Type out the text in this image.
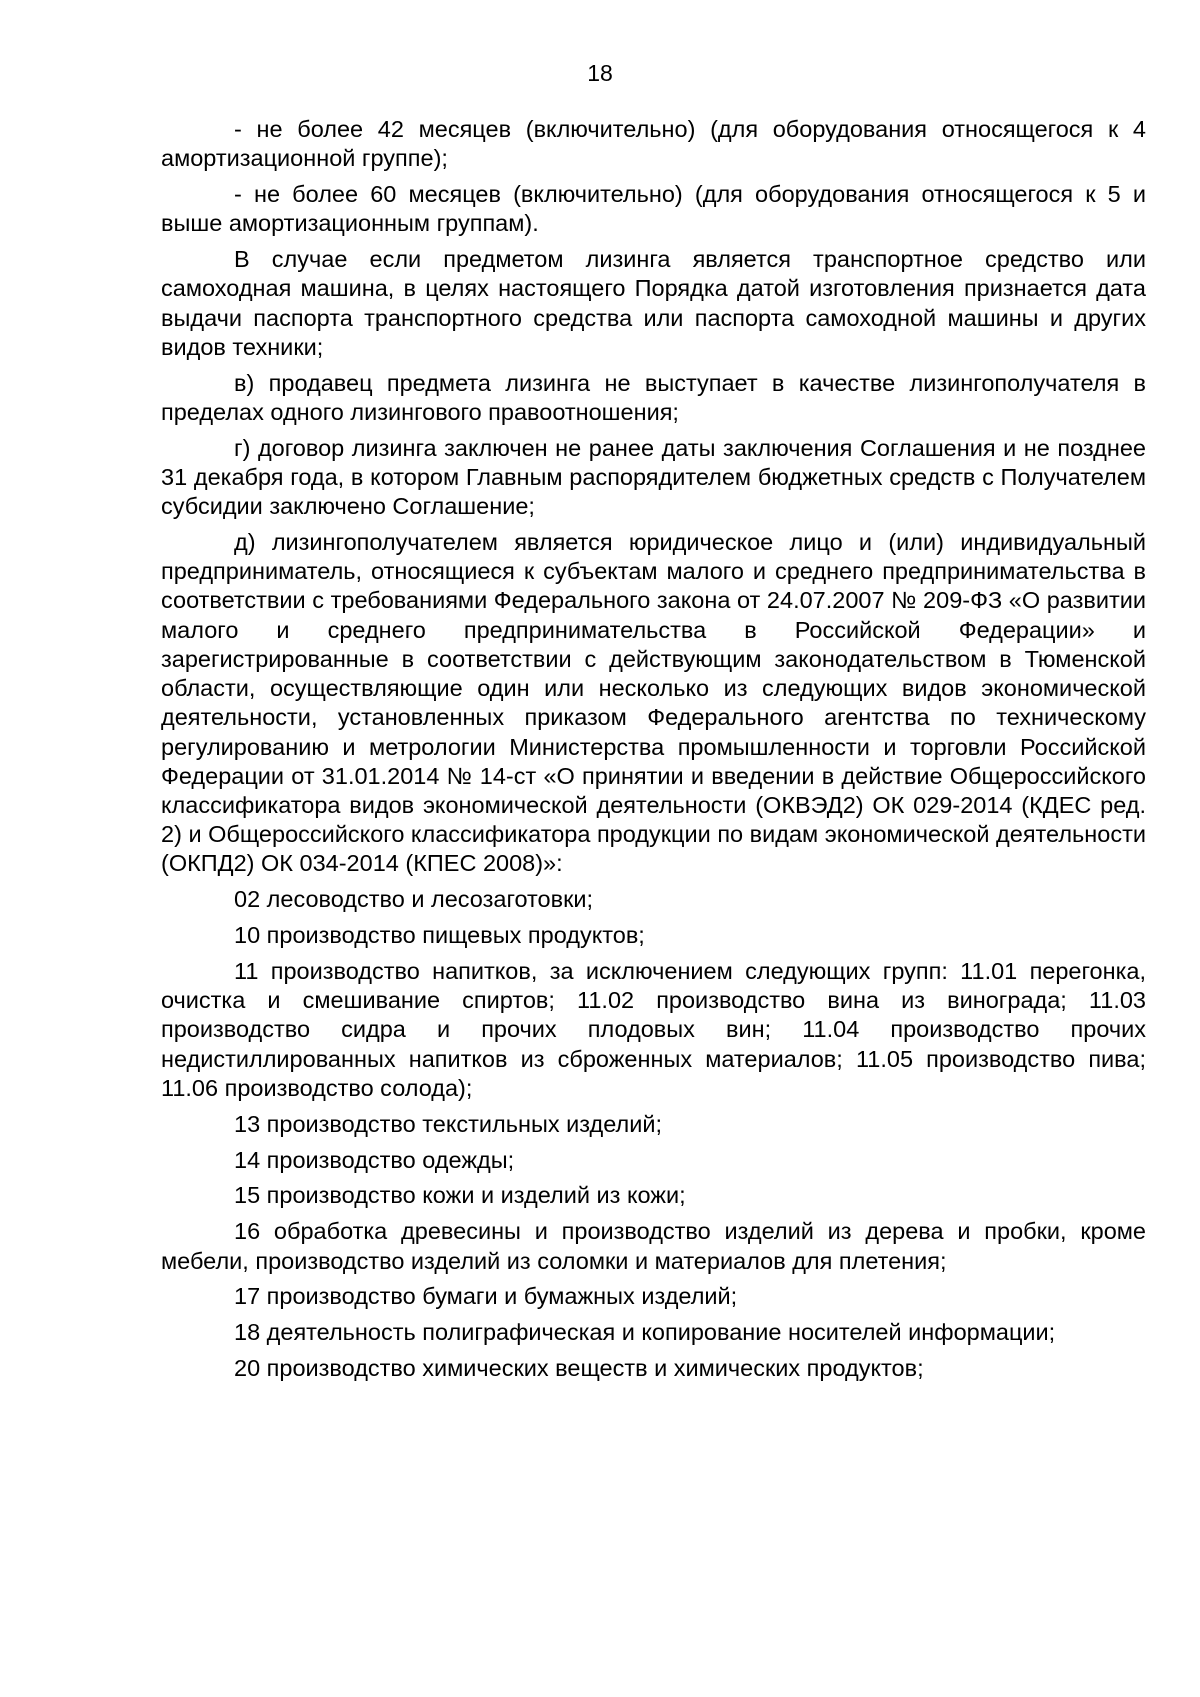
18

- не более 42 месяцев (включительно) (для оборудования относящегося к 4 амортизационной группе);

- не более 60 месяцев (включительно) (для оборудования относящегося к 5 и выше амортизационным группам).

В случае если предметом лизинга является транспортное средство или самоходная машина, в целях настоящего Порядка датой изготовления признается дата выдачи паспорта транспортного средства или паспорта самоходной машины и других видов техники;

в) продавец предмета лизинга не выступает в качестве лизингополучателя в пределах одного лизингового правоотношения;

г) договор лизинга заключен не ранее даты заключения Соглашения и не позднее 31 декабря года, в котором Главным распорядителем бюджетных средств с Получателем субсидии заключено Соглашение;

д) лизингополучателем является юридическое лицо и (или) индивидуальный предприниматель, относящиеся к субъектам малого и среднего предпринимательства в соответствии с требованиями Федерального закона от 24.07.2007 № 209-ФЗ «О развитии малого и среднего предпринимательства в Российской Федерации» и зарегистрированные в соответствии с действующим законодательством в Тюменской области, осуществляющие один или несколько из следующих видов экономической деятельности, установленных приказом Федерального агентства по техническому регулированию и метрологии Министерства промышленности и торговли Российской Федерации от 31.01.2014 № 14-ст «О принятии и введении в действие Общероссийского классификатора видов экономической деятельности (ОКВЭД2) ОК 029-2014 (КДЕС ред. 2) и Общероссийского классификатора продукции по видам экономической деятельности (ОКПД2) ОК 034-2014 (КПЕС 2008)»:

02 лесоводство и лесозаготовки;

10 производство пищевых продуктов;

11 производство напитков, за исключением следующих групп: 11.01 перегонка, очистка и смешивание спиртов; 11.02 производство вина из винограда; 11.03 производство сидра и прочих плодовых вин; 11.04 производство прочих недистиллированных напитков из сброженных материалов; 11.05 производство пива; 11.06 производство солода);

13 производство текстильных изделий;

14 производство одежды;

15 производство кожи и изделий из кожи;

16 обработка древесины и производство изделий из дерева и пробки, кроме мебели, производство изделий из соломки и материалов для плетения;

17 производство бумаги и бумажных изделий;

18 деятельность полиграфическая и копирование носителей информации;

20 производство химических веществ и химических продуктов;
